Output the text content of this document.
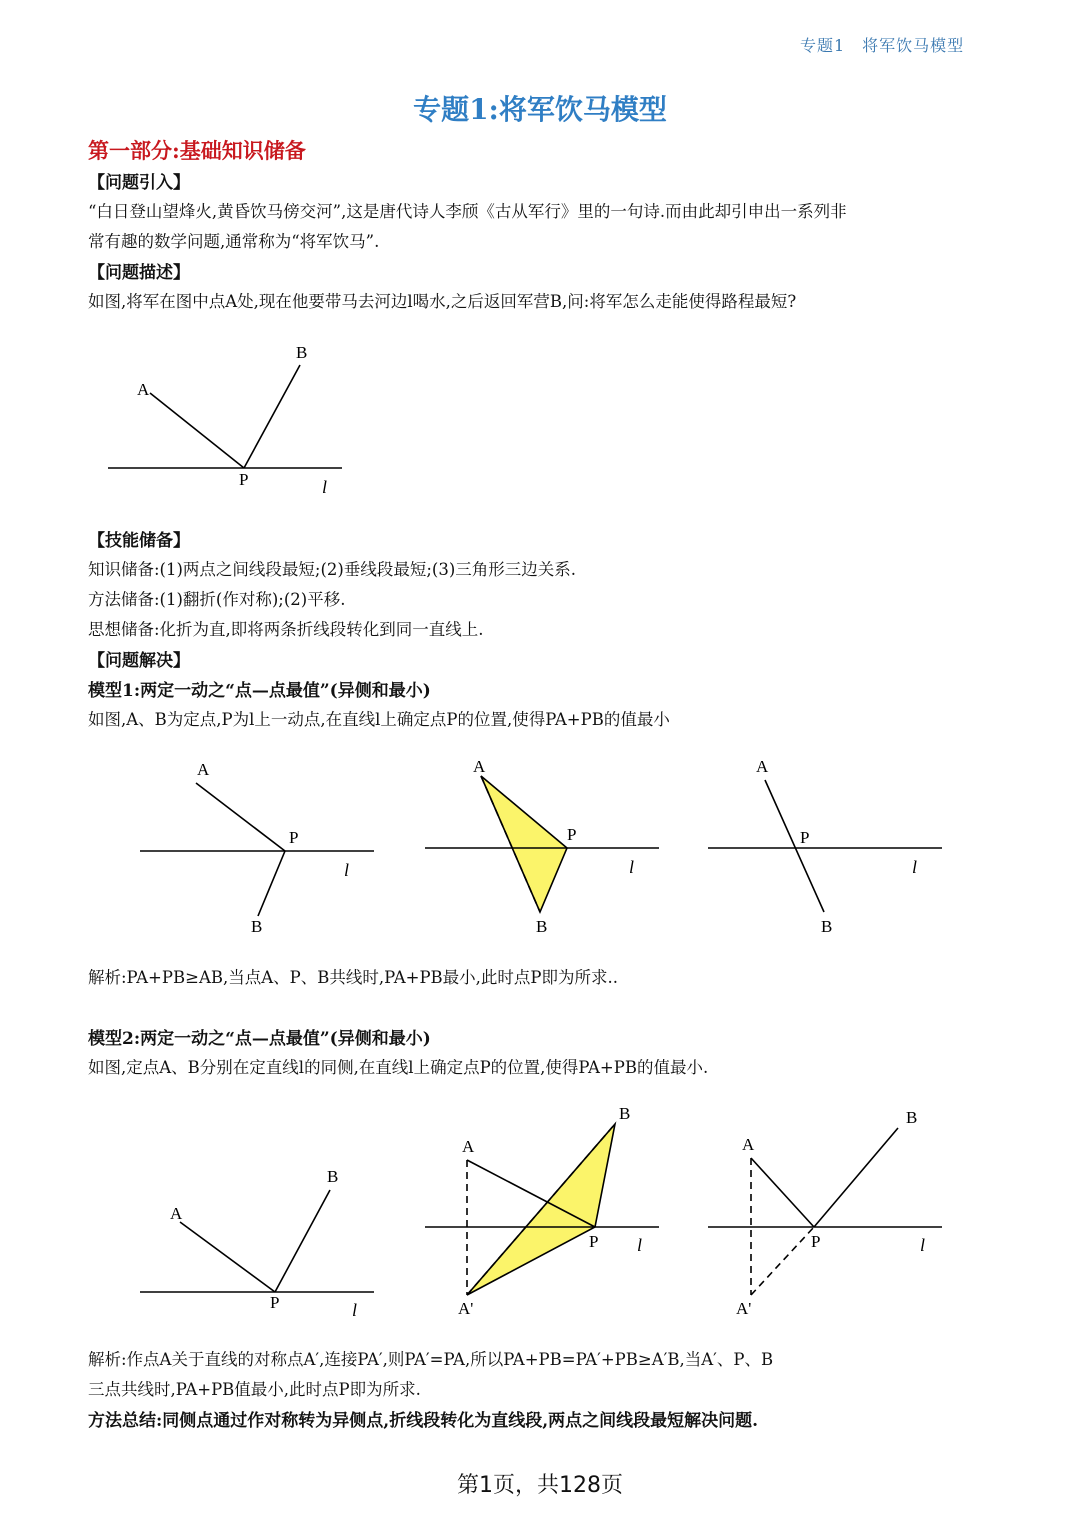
专题1　将军饮马模型
专题1:将军饮马模型
第一部分:基础知识储备
【问题引入】
“白日登山望烽火,黄昏饮马傍交河”,这是唐代诗人李颀《古从军行》里的一句诗.而由此却引申出一系列非
常有趣的数学问题,通常称为“将军饮马”.
【问题描述】
如图,将军在图中点A处,现在他要带马去河边l喝水,之后返回军营B,问:将军怎么走能使得路程最短?
A
B
P	l
【技能储备】
知识储备:(1)两点之间线段最短;(2)垂线段最短;(3)三角形三边关系.
方法储备:(1)翻折(作对称);(2)平移.
思想储备:化折为直,即将两条折线段转化到同一直线上.
【问题解决】
模型1:两定一动之“点—点最值”(异侧和最小)
如图,A、B为定点,P为l上一动点,在直线l上确定点P的位置,使得PA+PB的值最小
A
P
B
l
A
P
B
l
A
P
B
l
解析:PA+PB≥AB,当点A、P、B共线时,PA+PB最小,此时点P即为所求..
模型2:两定一动之“点—点最值”(异侧和最小)
如图,定点A、B分别在定直线l的同侧,在直线l上确定点P的位置,使得PA+PB的值最小.
A
B
P	l
A
B
P
A'
l
A
B
P
A'
l
解析:作点A关于直线的对称点A′,连接PA′,则PA′=PA,所以PA+PB=PA′+PB≥A′B,当A′、P、B
三点共线时,PA+PB值最小,此时点P即为所求.
方法总结:同侧点通过作对称转为异侧点,折线段转化为直线段,两点之间线段最短解决问题.
第1页，共128页
